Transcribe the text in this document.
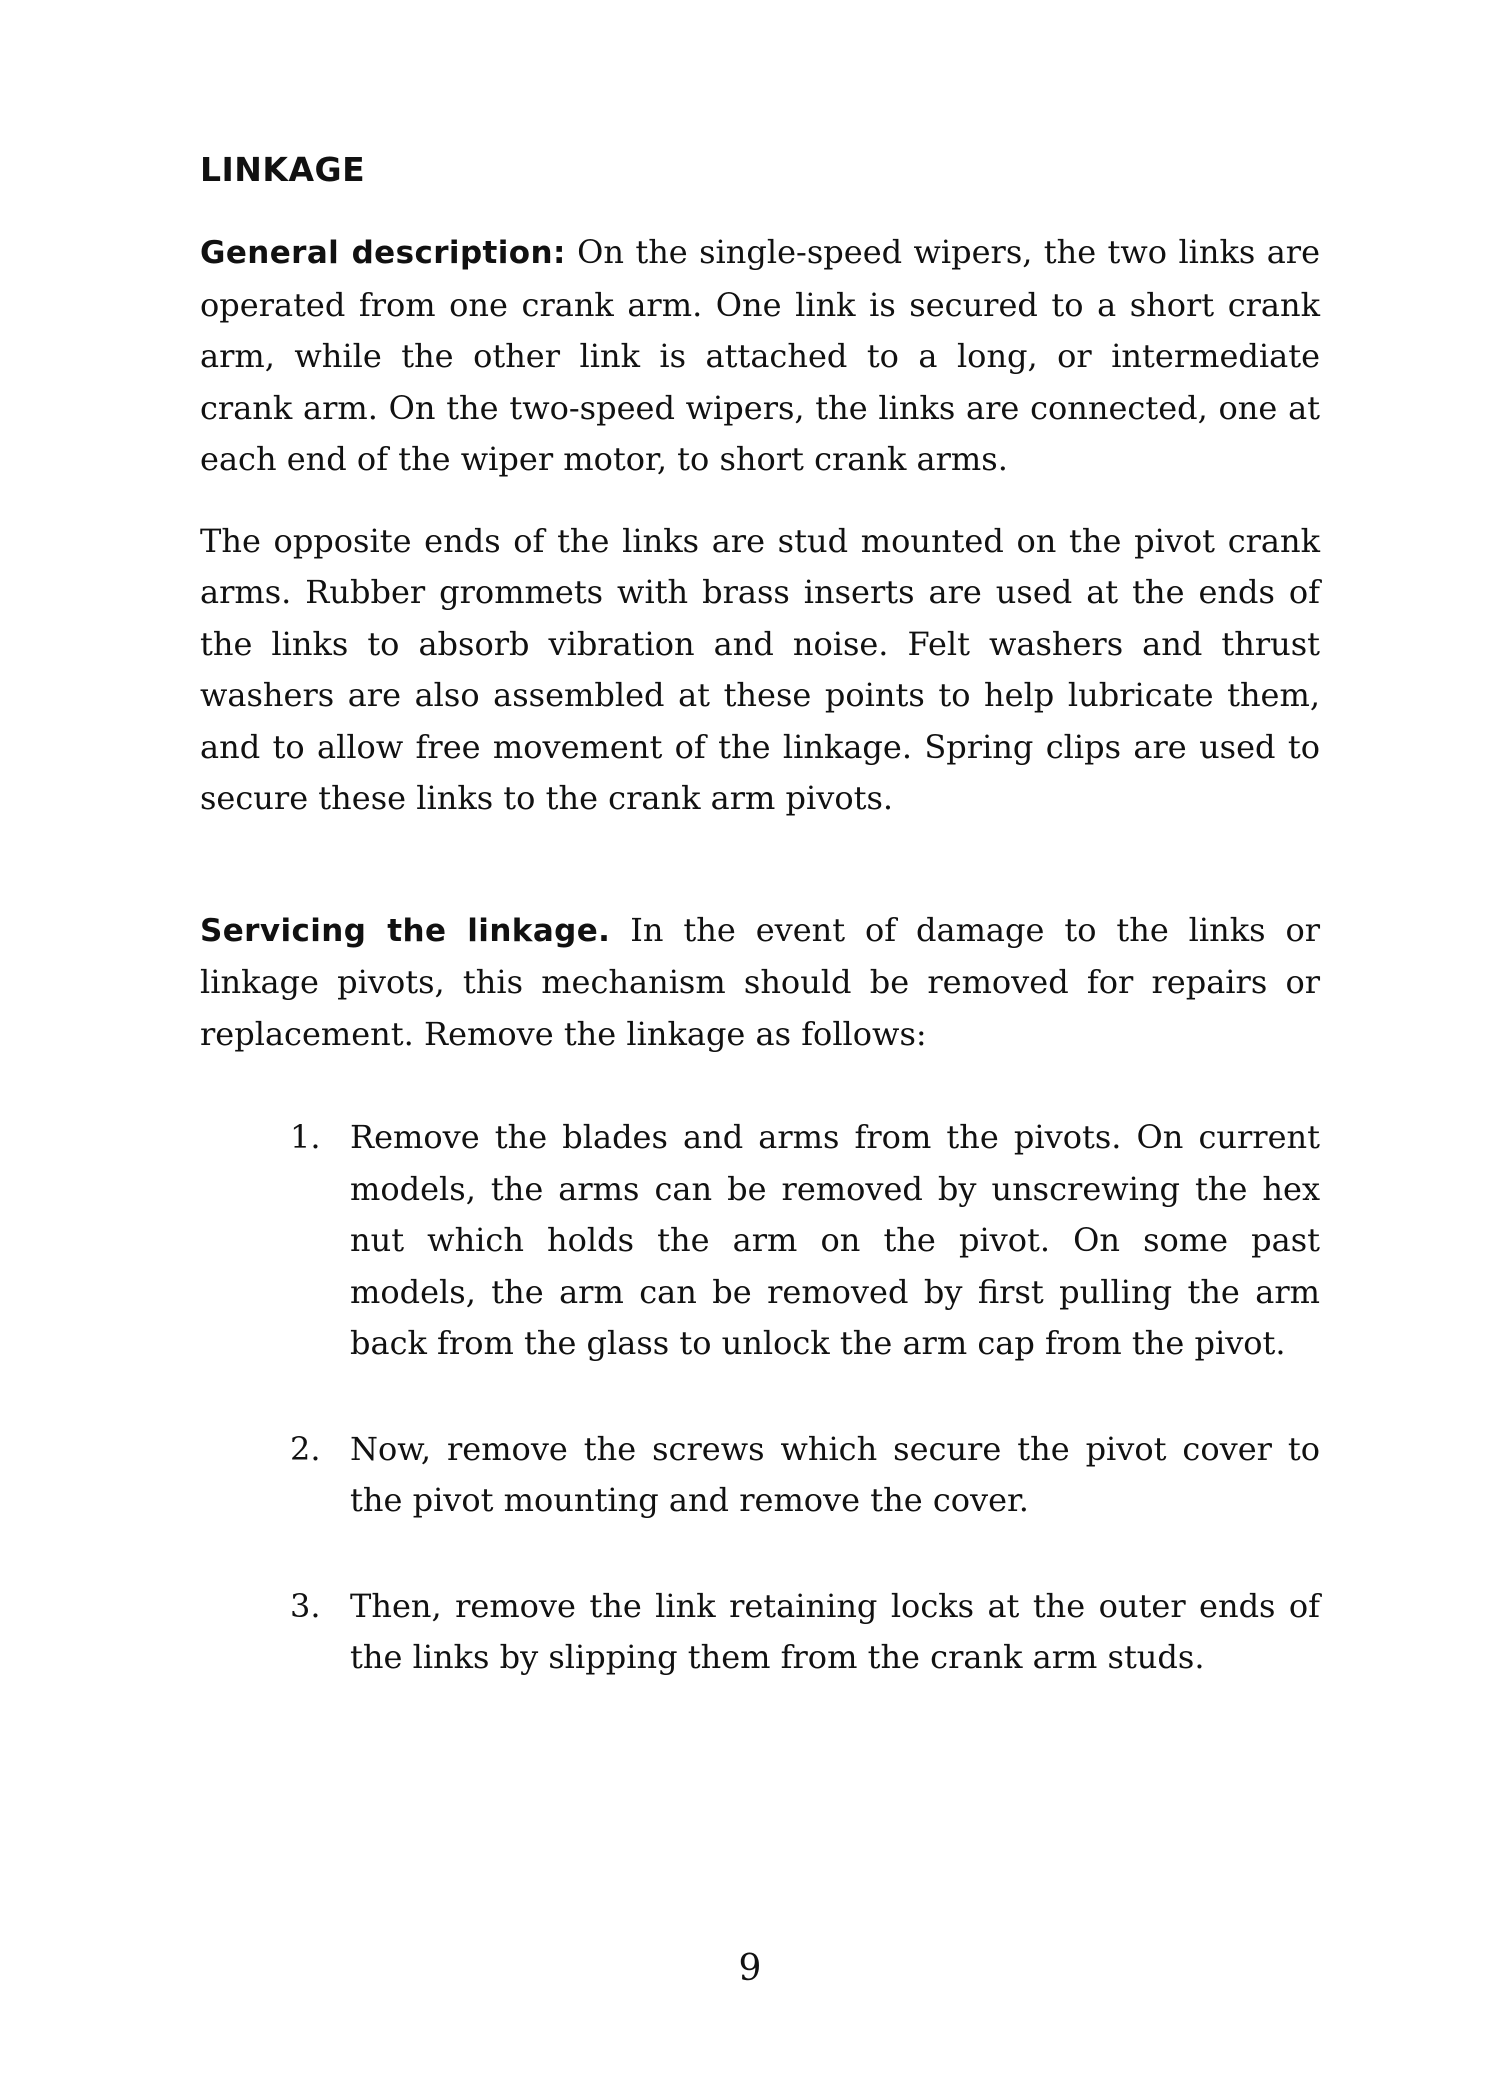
LINKAGE

General description: On the single-speed wipers, the two links are operated from one crank arm. One link is secured to a short crank arm, while the other link is attached to a long, or intermediate crank arm. On the two-speed wipers, the links are connected, one at each end of the wiper motor, to short crank arms.

The opposite ends of the links are stud mounted on the pivot crank arms. Rubber grommets with brass inserts are used at the ends of the links to absorb vibration and noise. Felt washers and thrust washers are also assembled at these points to help lubricate them, and to allow free movement of the linkage. Spring clips are used to secure these links to the crank arm pivots.

Servicing the linkage. In the event of damage to the links or linkage pivots, this mechanism should be removed for repairs or replacement. Remove the linkage as follows:

1. Remove the blades and arms from the pivots. On current models, the arms can be removed by unscrewing the hex nut which holds the arm on the pivot. On some past models, the arm can be removed by first pulling the arm back from the glass to unlock the arm cap from the pivot.
2. Now, remove the screws which secure the pivot cover to the pivot mounting and remove the cover.
3. Then, remove the link retaining locks at the outer ends of the links by slipping them from the crank arm studs.
9
